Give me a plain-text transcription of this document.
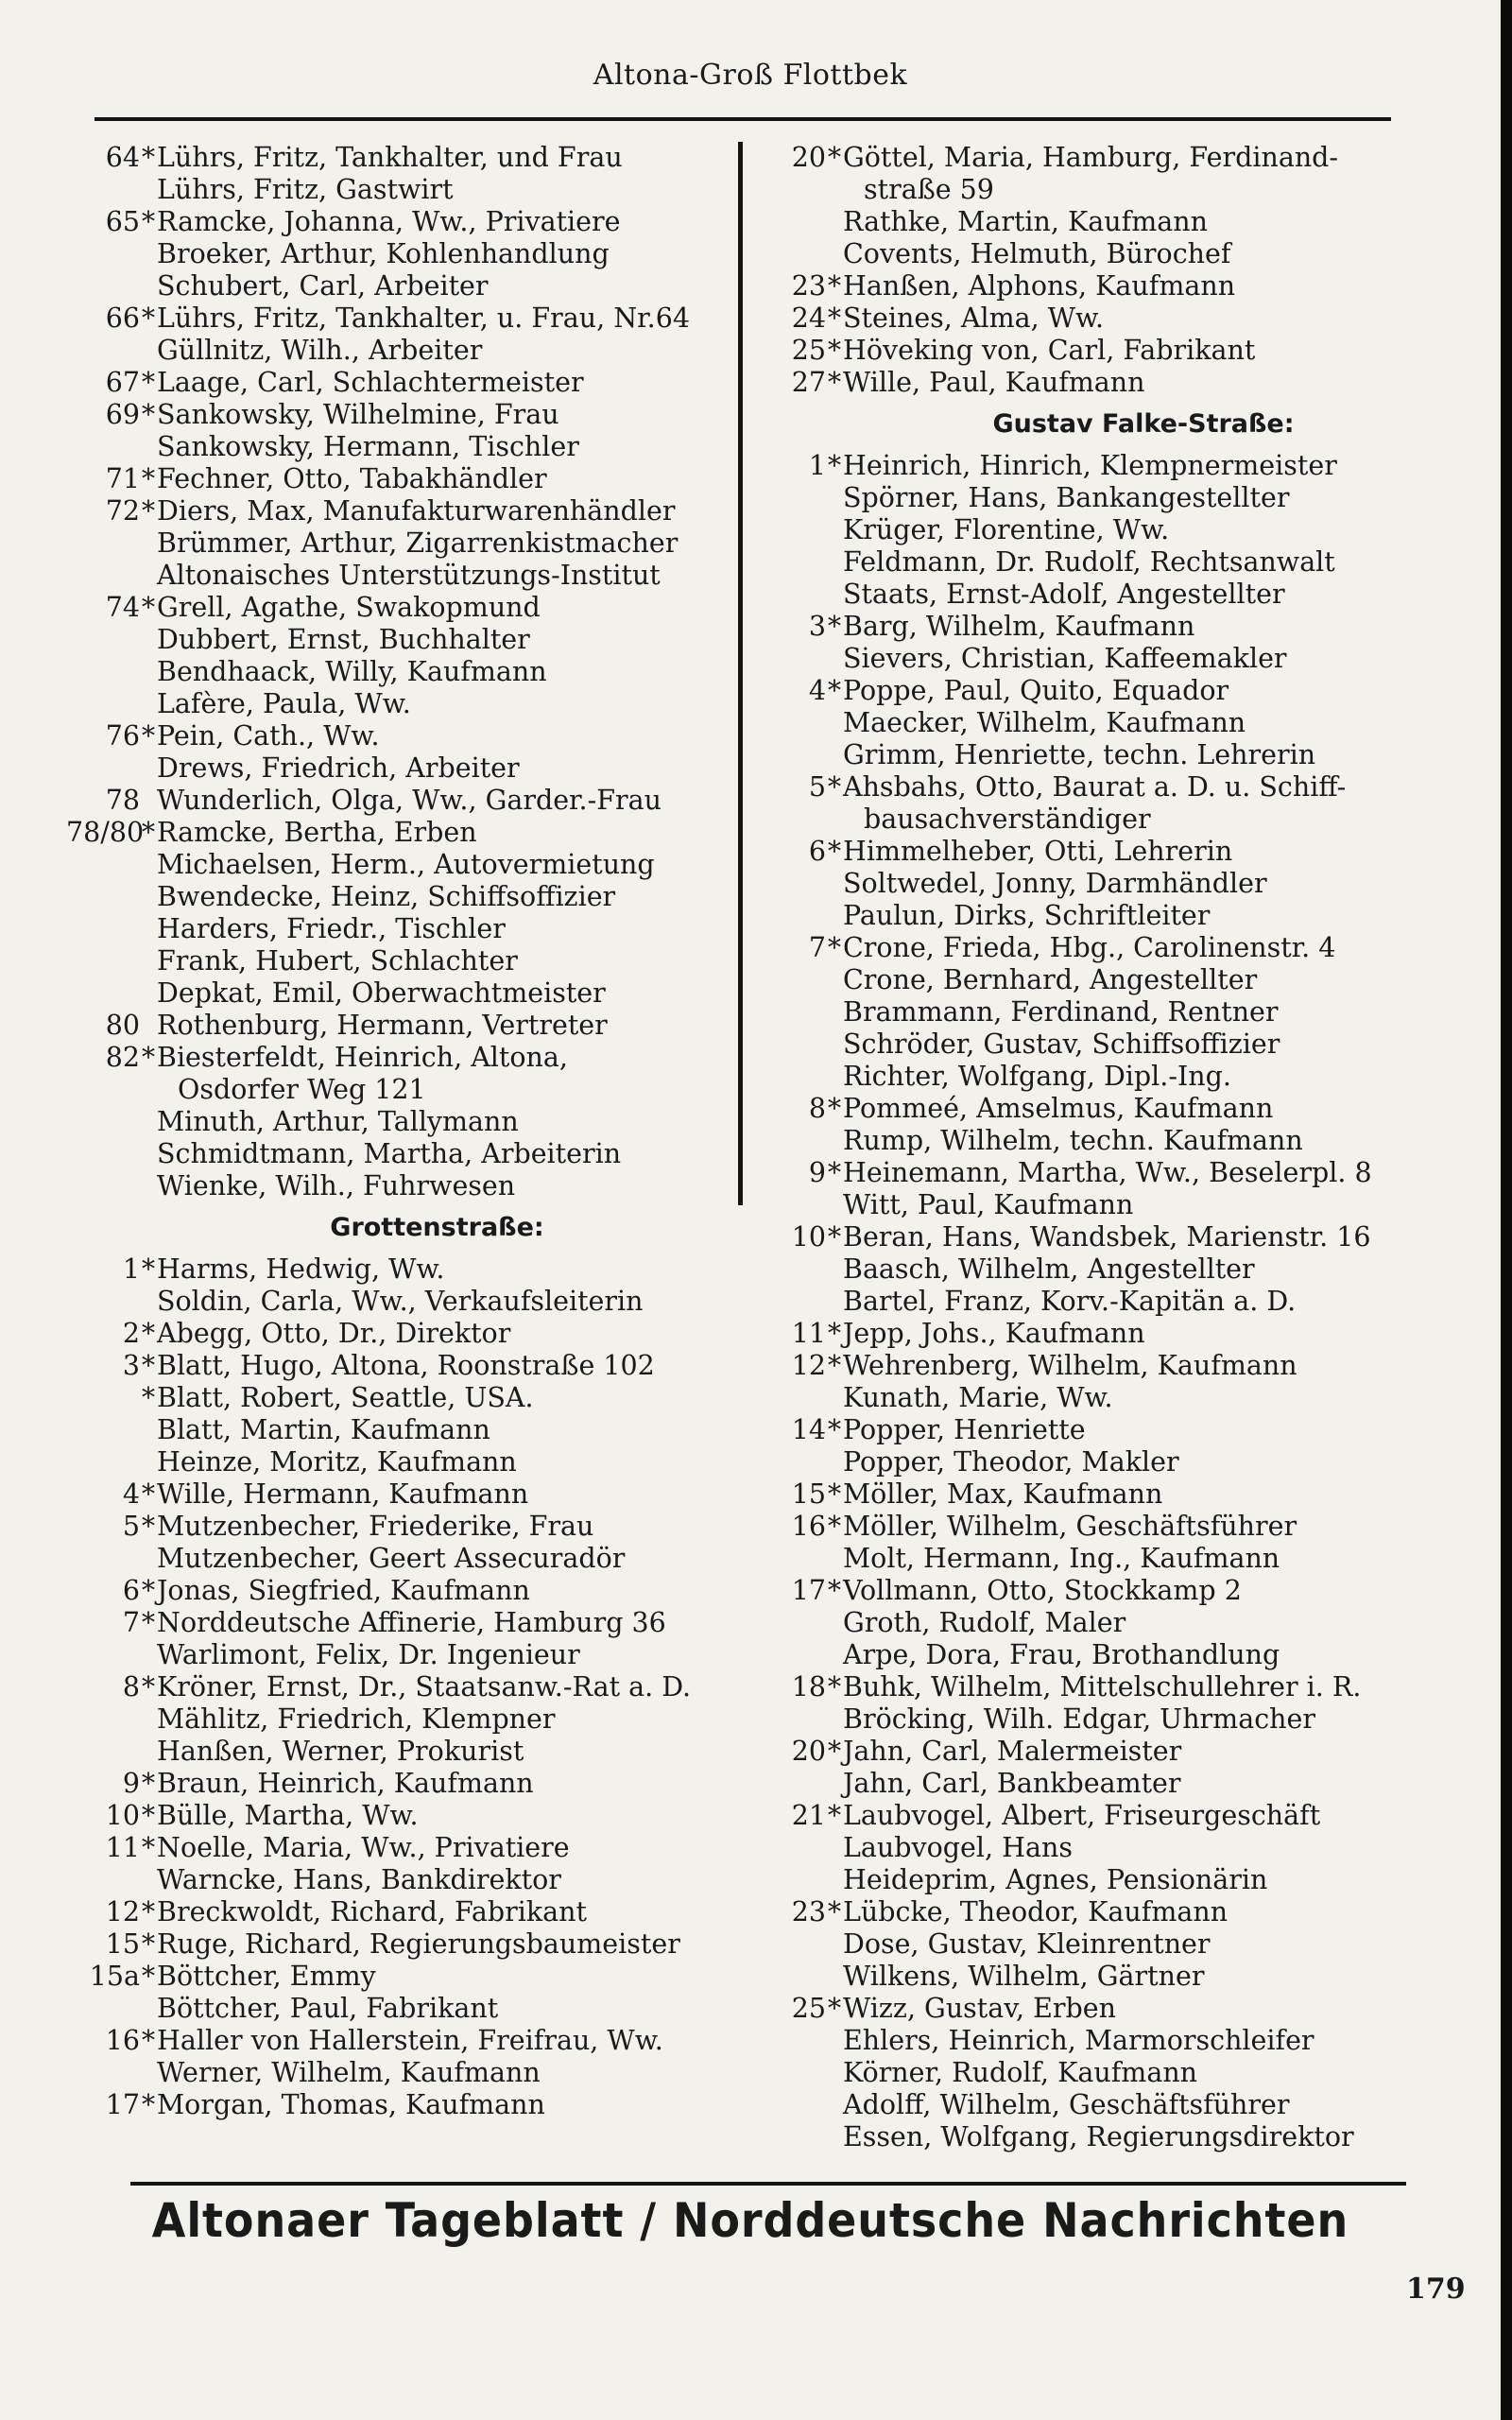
Altona-Groß Flottbek
64 * Lührs, Fritz, Tankhalter, und Frau
Lührs, Fritz, Gastwirt
65 * Ramcke, Johanna, Ww., Privatiere
Broeker, Arthur, Kohlenhandlung
Schubert, Carl, Arbeiter
66 * Lührs, Fritz, Tankhalter, u. Frau, Nr.64
Güllnitz, Wilh., Arbeiter
67 * Laage, Carl, Schlachtermeister
69 * Sankowsky, Wilhelmine, Frau
Sankowsky, Hermann, Tischler
71 * Fechner, Otto, Tabakhändler
72 * Diers, Max, Manufakturwarenhändler
Brümmer, Arthur, Zigarrenkistmacher
Altonaisches Unterstützungs-Institut
74 * Grell, Agathe, Swakopmund
Dubbert, Ernst, Buchhalter
Bendhaack, Willy, Kaufmann
Lafère, Paula, Ww.
76 * Pein, Cath., Ww.
Drews, Friedrich, Arbeiter
78 Wunderlich, Olga, Ww., Garder.-Frau
78/80
* Ramcke, Bertha, Erben
Michaelsen, Herm., Autovermietung
Bwendecke, Heinz, Schiffsoffizier
Harders, Friedr., Tischler
Frank, Hubert, Schlachter
Depkat, Emil, Oberwachtmeister
80 Rothenburg, Hermann, Vertreter
82 * Biesterfeldt, Heinrich, Altona,
Osdorfer Weg 121
Minuth, Arthur, Tallymann
Schmidtmann, Martha, Arbeiterin
Wienke, Wilh., Fuhrwesen
Grottenstraße:
1 * Harms, Hedwig, Ww.
Soldin, Carla, Ww., Verkaufsleiterin
2 * Abegg, Otto, Dr., Direktor
3 * Blatt, Hugo, Altona, Roonstraße 102
* Blatt, Robert, Seattle, USA.
Blatt, Martin, Kaufmann
Heinze, Moritz, Kaufmann
4 * Wille, Hermann, Kaufmann
5 * Mutzenbecher, Friederike, Frau
Mutzenbecher, Geert Assecuradör
6 * Jonas, Siegfried, Kaufmann
7 * Norddeutsche Affinerie, Hamburg 36
Warlimont, Felix, Dr. Ingenieur
8 * Kröner, Ernst, Dr., Staatsanw.-Rat a. D.
Mählitz, Friedrich, Klempner
Hanßen, Werner, Prokurist
9 * Braun, Heinrich, Kaufmann
10 * Bülle, Martha, Ww.
11 * Noelle, Maria, Ww., Privatiere
Warncke, Hans, Bankdirektor
12 * Breckwoldt, Richard, Fabrikant
15 * Ruge, Richard, Regierungsbaumeister
15a * Böttcher, Emmy
Böttcher, Paul, Fabrikant
16 * Haller von Hallerstein, Freifrau, Ww.
Werner, Wilhelm, Kaufmann
17 * Morgan, Thomas, Kaufmann
20 * Göttel, Maria, Hamburg, Ferdinand-
straße 59
Rathke, Martin, Kaufmann
Covents, Helmuth, Bürochef
23 * Hanßen, Alphons, Kaufmann
24 * Steines, Alma, Ww.
25 * Höveking von, Carl, Fabrikant
27 * Wille, Paul, Kaufmann
Gustav Falke-Straße:
1 * Heinrich, Hinrich, Klempnermeister
Spörner, Hans, Bankangestellter
Krüger, Florentine, Ww.
Feldmann, Dr. Rudolf, Rechtsanwalt
Staats, Ernst-Adolf, Angestellter
3 * Barg, Wilhelm, Kaufmann
Sievers, Christian, Kaffeemakler
4 * Poppe, Paul, Quito, Equador
Maecker, Wilhelm, Kaufmann
Grimm, Henriette, techn. Lehrerin
5 * Ahsbahs, Otto, Baurat a. D. u. Schiff-
bausachverständiger
6 * Himmelheber, Otti, Lehrerin
Soltwedel, Jonny, Darmhändler
Paulun, Dirks, Schriftleiter
7 * Crone, Frieda, Hbg., Carolinenstr. 4
Crone, Bernhard, Angestellter
Brammann, Ferdinand, Rentner
Schröder, Gustav, Schiffsoffizier
Richter, Wolfgang, Dipl.-Ing.
8 * Pommeé, Amselmus, Kaufmann
Rump, Wilhelm, techn. Kaufmann
9 * Heinemann, Martha, Ww., Beselerpl. 8
Witt, Paul, Kaufmann
10 * Beran, Hans, Wandsbek, Marienstr. 16
Baasch, Wilhelm, Angestellter
Bartel, Franz, Korv.-Kapitän a. D.
11 * Jepp, Johs., Kaufmann
12 * Wehrenberg, Wilhelm, Kaufmann
Kunath, Marie, Ww.
14 * Popper, Henriette
Popper, Theodor, Makler
15 * Möller, Max, Kaufmann
16 * Möller, Wilhelm, Geschäftsführer
Molt, Hermann, Ing., Kaufmann
17 * Vollmann, Otto, Stockkamp 2
Groth, Rudolf, Maler
Arpe, Dora, Frau, Brothandlung
18 * Buhk, Wilhelm, Mittelschullehrer i. R.
Bröcking, Wilh. Edgar, Uhrmacher
20 * Jahn, Carl, Malermeister
Jahn, Carl, Bankbeamter
21 * Laubvogel, Albert, Friseurgeschäft
Laubvogel, Hans
Heideprim, Agnes, Pensionärin
23 * Lübcke, Theodor, Kaufmann
Dose, Gustav, Kleinrentner
Wilkens, Wilhelm, Gärtner
25 * Wizz, Gustav, Erben
Ehlers, Heinrich, Marmorschleifer
Körner, Rudolf, Kaufmann
Adolff, Wilhelm, Geschäftsführer
Essen, Wolfgang, Regierungsdirektor
Altonaer Tageblatt / Norddeutsche Nachrichten
179
